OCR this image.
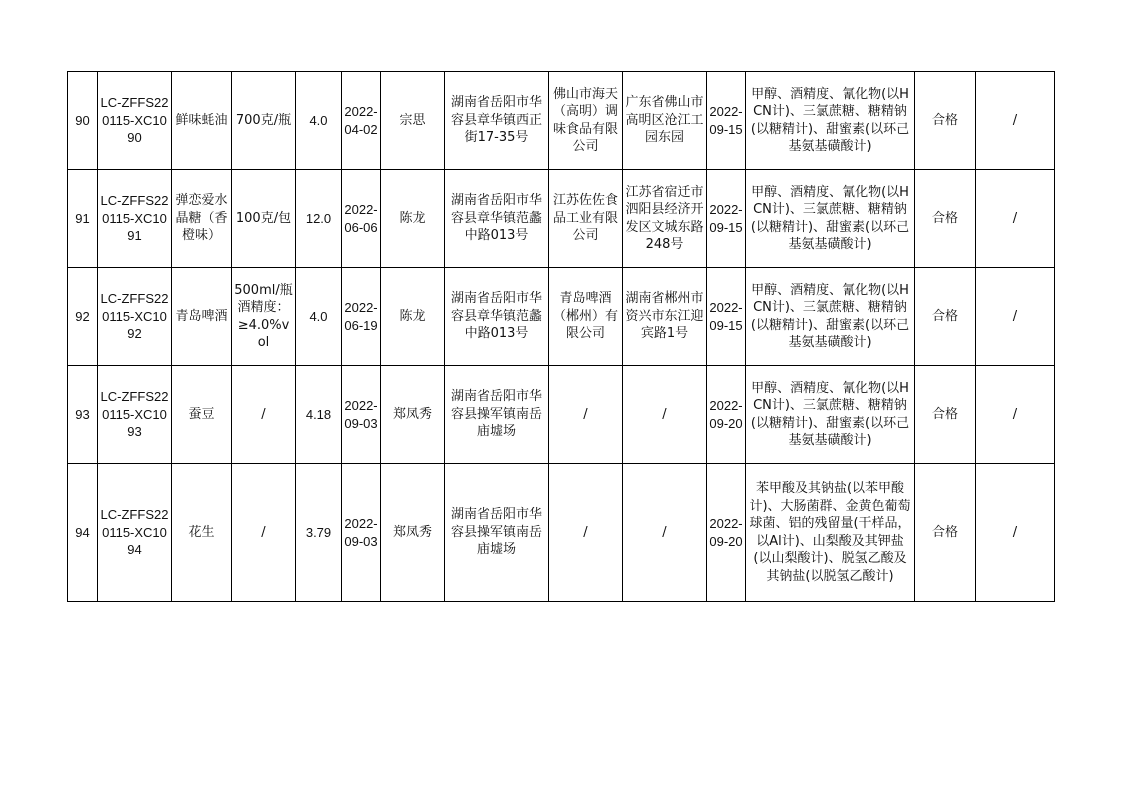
90	LC-ZFFS220115-XC1090	鲜味蚝油	700克/瓶	4.0	2022-04-02	宗思	湖南省岳阳市华容县章华镇西正街17-35号	佛山市海天（高明）调味食品有限公司	广东省佛山市高明区沧江工园东园	2022-09-15	甲醇、酒精度、氰化物(以HCN计)、三氯蔗糖、糖精钠(以糖精计)、甜蜜素(以环己基氨基磺酸计)	合格	/
91	LC-ZFFS220115-XC1091	弹恋爱水晶糖（香橙味）	100克/包	12.0	2022-06-06	陈龙	湖南省岳阳市华容县章华镇范蠡中路013号	江苏佐佐食品工业有限公司	江苏省宿迁市泗阳县经济开发区文城东路248号	2022-09-15	甲醇、酒精度、氰化物(以HCN计)、三氯蔗糖、糖精钠(以糖精计)、甜蜜素(以环己基氨基磺酸计)	合格	/
92	LC-ZFFS220115-XC1092	青岛啤酒	500ml/瓶 酒精度：≥4.0%vol	4.0	2022-06-19	陈龙	湖南省岳阳市华容县章华镇范蠡中路013号	青岛啤酒（郴州）有限公司	湖南省郴州市资兴市东江迎宾路1号	2022-09-15	甲醇、酒精度、氰化物(以HCN计)、三氯蔗糖、糖精钠(以糖精计)、甜蜜素(以环己基氨基磺酸计)	合格	/
93	LC-ZFFS220115-XC1093	蚕豆	/	4.18	2022-09-03	郑凤秀	湖南省岳阳市华容县操军镇南岳庙墟场	/	/	2022-09-20	甲醇、酒精度、氰化物(以HCN计)、三氯蔗糖、糖精钠(以糖精计)、甜蜜素(以环己基氨基磺酸计)	合格	/
94	LC-ZFFS220115-XC1094	花生	/	3.79	2022-09-03	郑凤秀	湖南省岳阳市华容县操军镇南岳庙墟场	/	/	2022-09-20	苯甲酸及其钠盐(以苯甲酸计)、大肠菌群、金黄色葡萄球菌、铝的残留量(干样品，以Al计)、山梨酸及其钾盐(以山梨酸计)、脱氢乙酸及其钠盐(以脱氢乙酸计)	合格	/
